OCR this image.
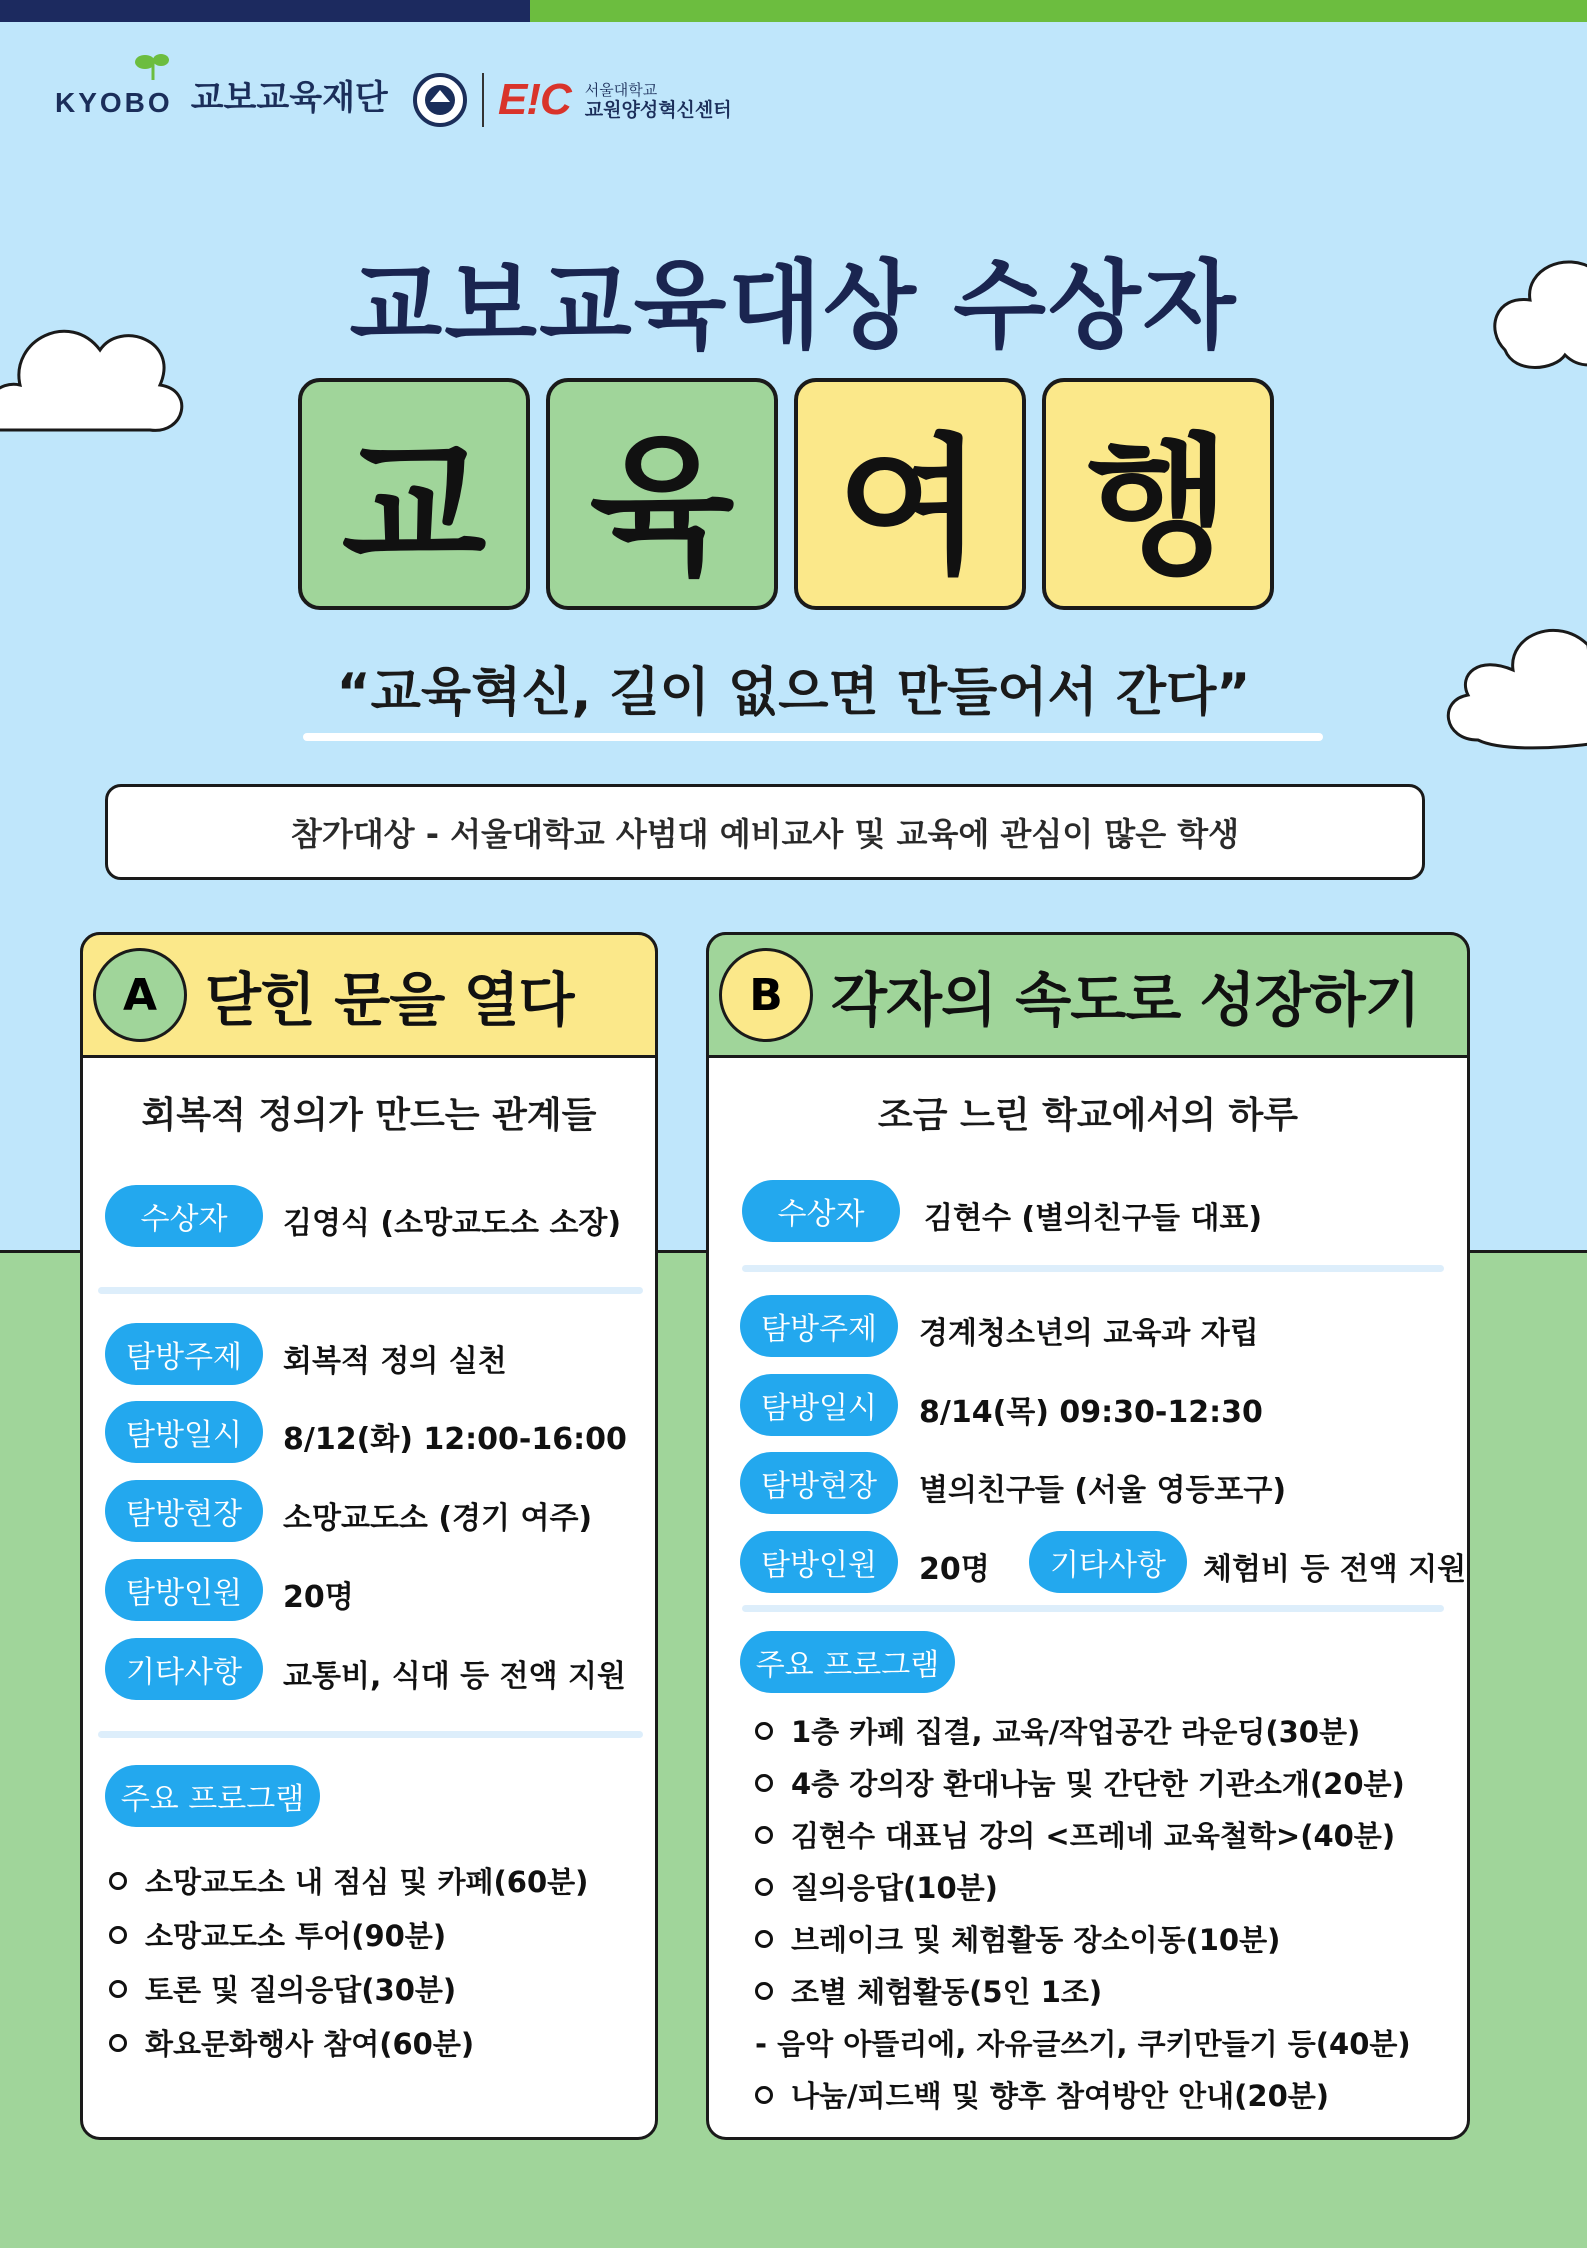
KYOBO 교보교육재단	E!C 서울대학교
교원양성혁신센터
교보교육대상 수상자
교 육 여 행
“교육혁신, 길이 없으면 만들어서 간다”
참가대상 - 서울대학교 사범대 예비교사 및 교육에 관심이 많은 학생
A 닫힌 문을 열다
회복적 정의가 만드는 관계들
수상자	김영식 (소망교도소 소장)
탐방주제	회복적 정의 실천
탐방일시	8/12(화) 12:00-16:00
탐방현장	소망교도소 (경기 여주)
탐방인원	20명
기타사항	교통비, 식대 등 전액 지원
주요 프로그램
소망교도소 내 점심 및 카페(60분)
소망교도소 투어(90분)
토론 및 질의응답(30분)
화요문화행사 참여(60분)
B 각자의 속도로 성장하기
조금 느린 학교에서의 하루
수상자	김현수 (별의친구들 대표)
탐방주제	경계청소년의 교육과 자립
탐방일시	8/14(목) 09:30-12:30
탐방현장	별의친구들 (서울 영등포구)
탐방인원	20명	기타사항	체험비 등 전액 지원
주요 프로그램
1층 카페 집결, 교육/작업공간 라운딩(30분)
4층 강의장 환대나눔 및 간단한 기관소개(20분)
김현수 대표님 강의 <프레네 교육철학>(40분)
질의응답(10분)
브레이크 및 체험활동 장소이동(10분)
조별 체험활동(5인 1조)
- 음악 아뜰리에, 자유글쓰기, 쿠키만들기 등(40분)
나눔/피드백 및 향후 참여방안 안내(20분)
